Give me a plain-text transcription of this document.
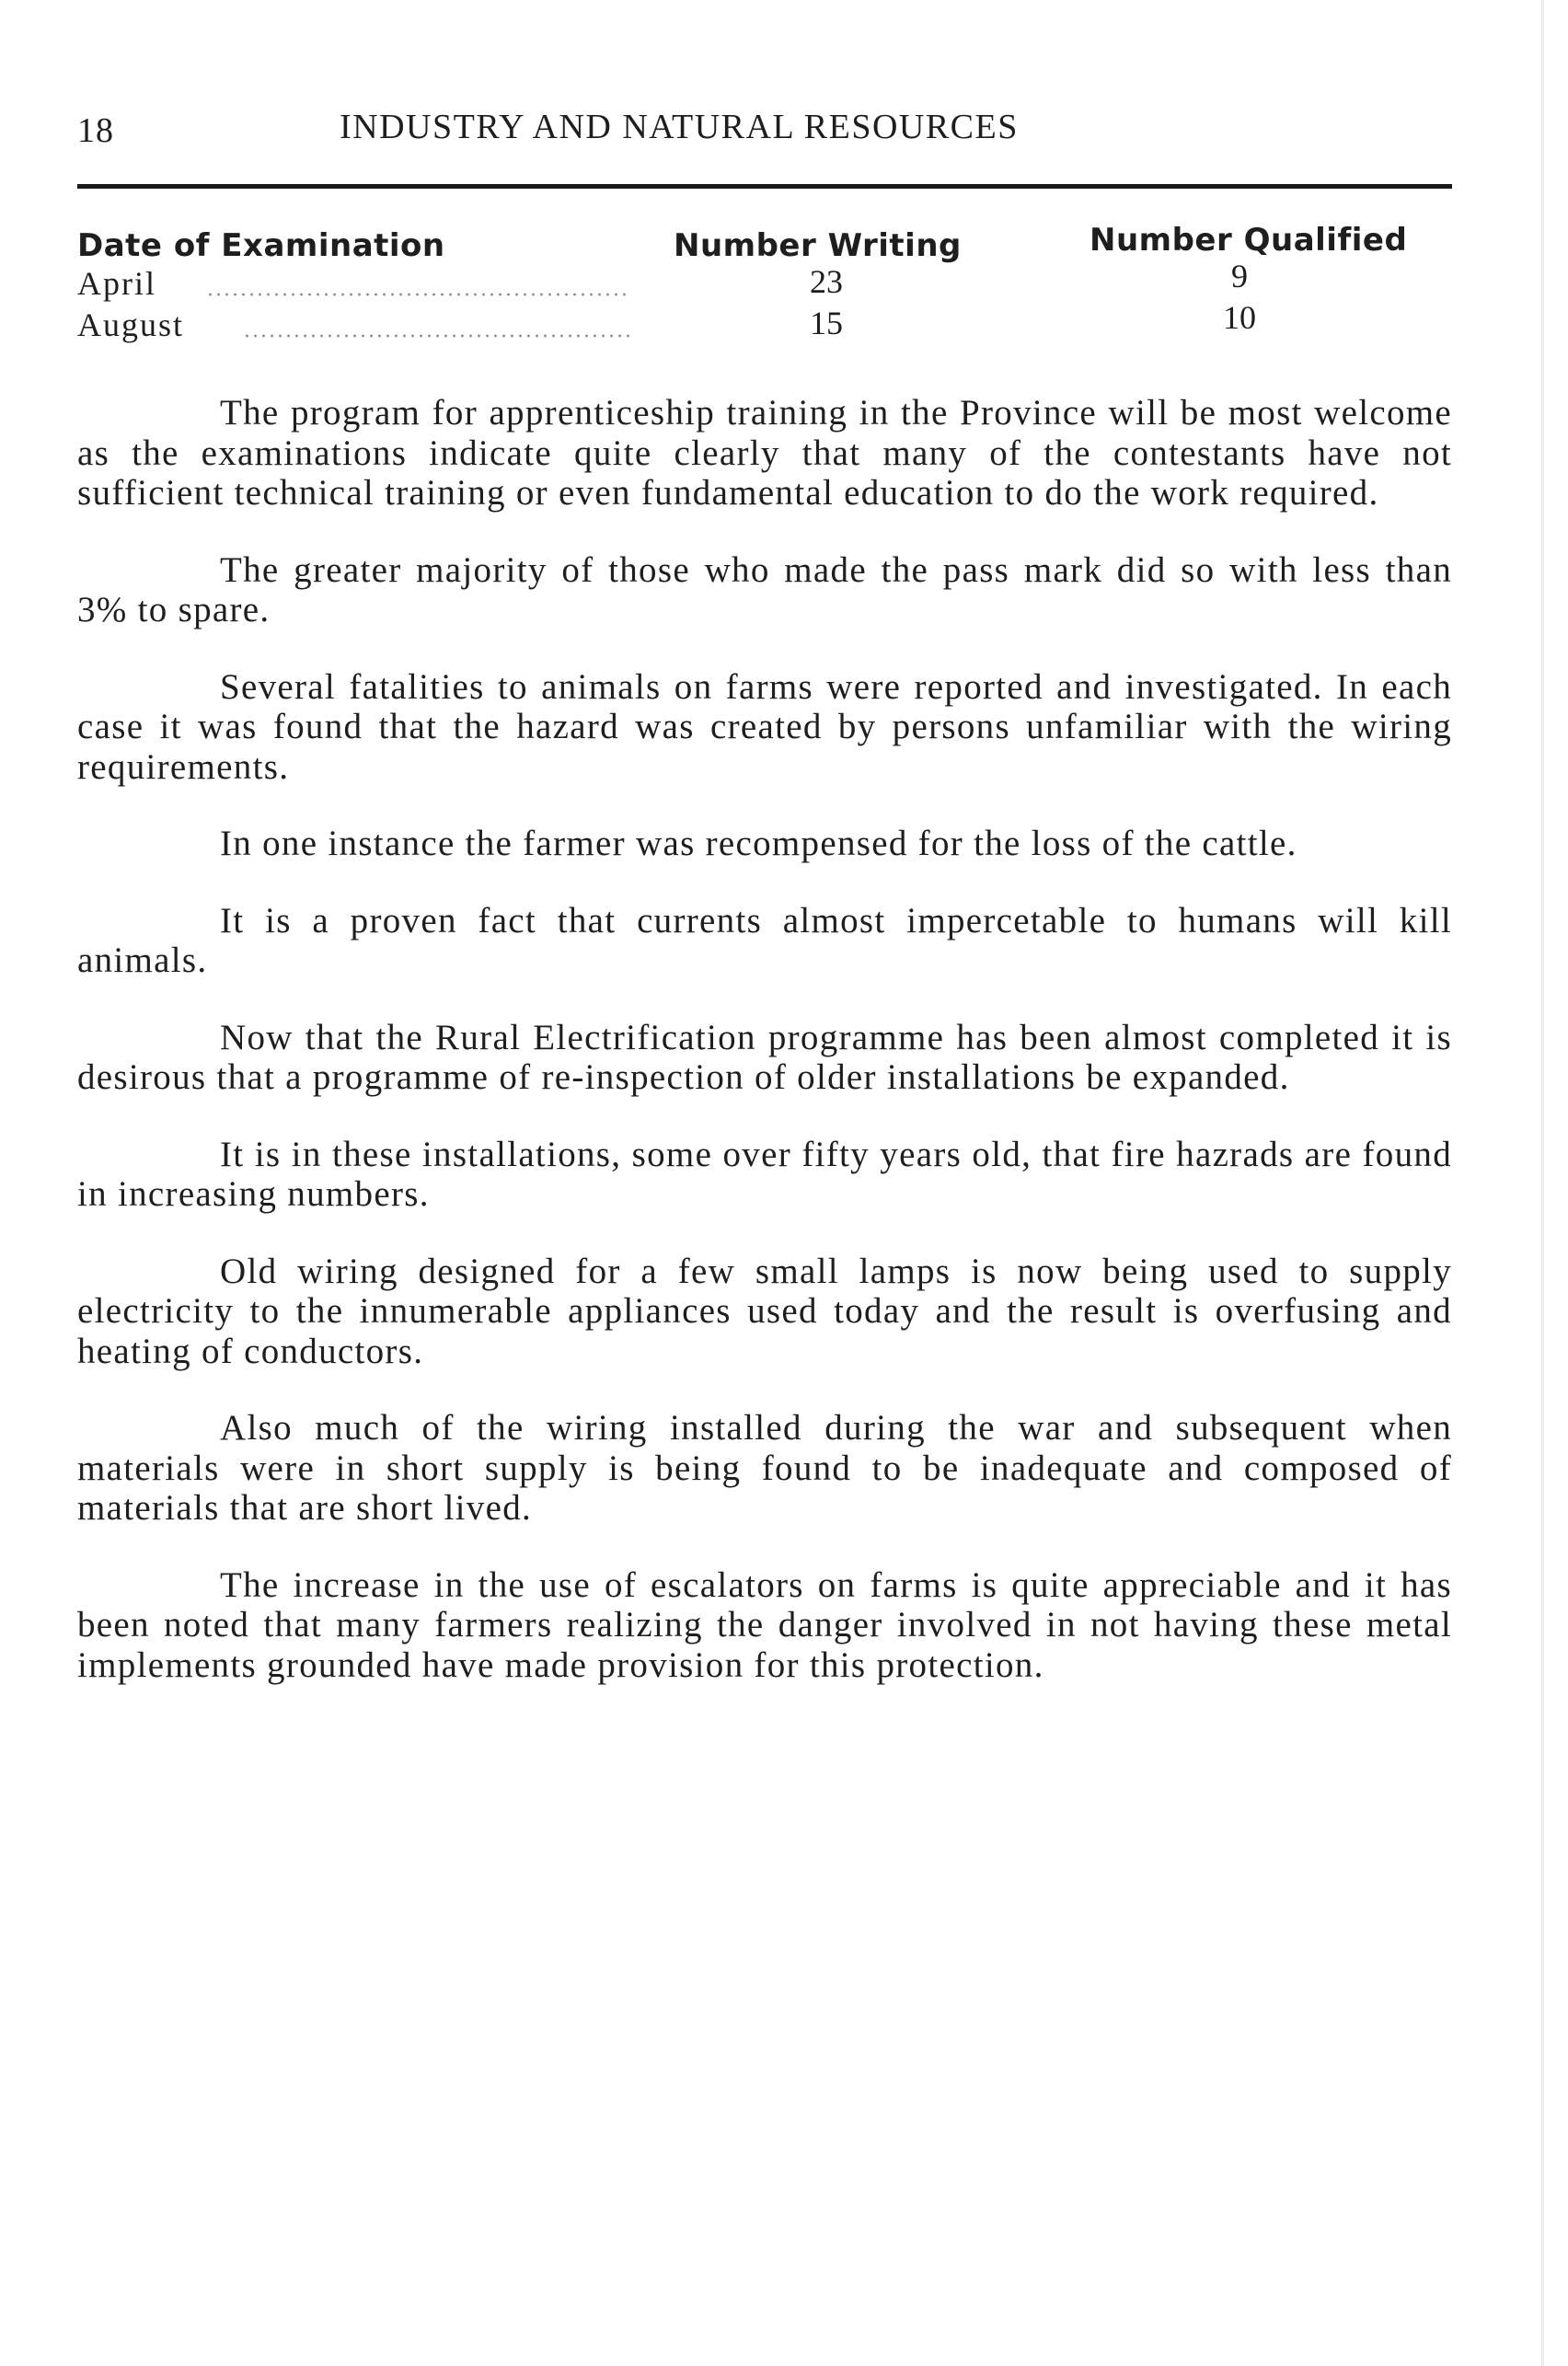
18	INDUSTRY AND NATURAL RESOURCES
Date of Examination	Number Writing	Number Qualified
April	23	9
August	15	10

The program for apprenticeship training in the Province will be most welcome as the examinations indicate quite clearly that many of the contestants have not sufficient technical training or even fundamental education to do the work required.

The greater majority of those who made the pass mark did so with less than 3% to spare.

Several fatalities to animals on farms were reported and investigated. In each case it was found that the hazard was created by persons unfamiliar with the wiring requirements.

In one instance the farmer was recompensed for the loss of the cattle.

It is a proven fact that currents almost impercetable to humans will kill animals.

Now that the Rural Electrification programme has been almost completed it is desirous that a programme of re-inspection of older installations be expanded.

It is in these installations, some over fifty years old, that fire hazrads are found in increasing numbers.

Old wiring designed for a few small lamps is now being used to supply electricity to the innumerable appliances used today and the result is overfusing and heating of conductors.

Also much of the wiring installed during the war and subsequent when materials were in short supply is being found to be inadequate and composed of materials that are short lived.

The increase in the use of escalators on farms is quite appreciable and it has been noted that many farmers realizing the danger involved in not having these metal implements grounded have made provision for this protection.
